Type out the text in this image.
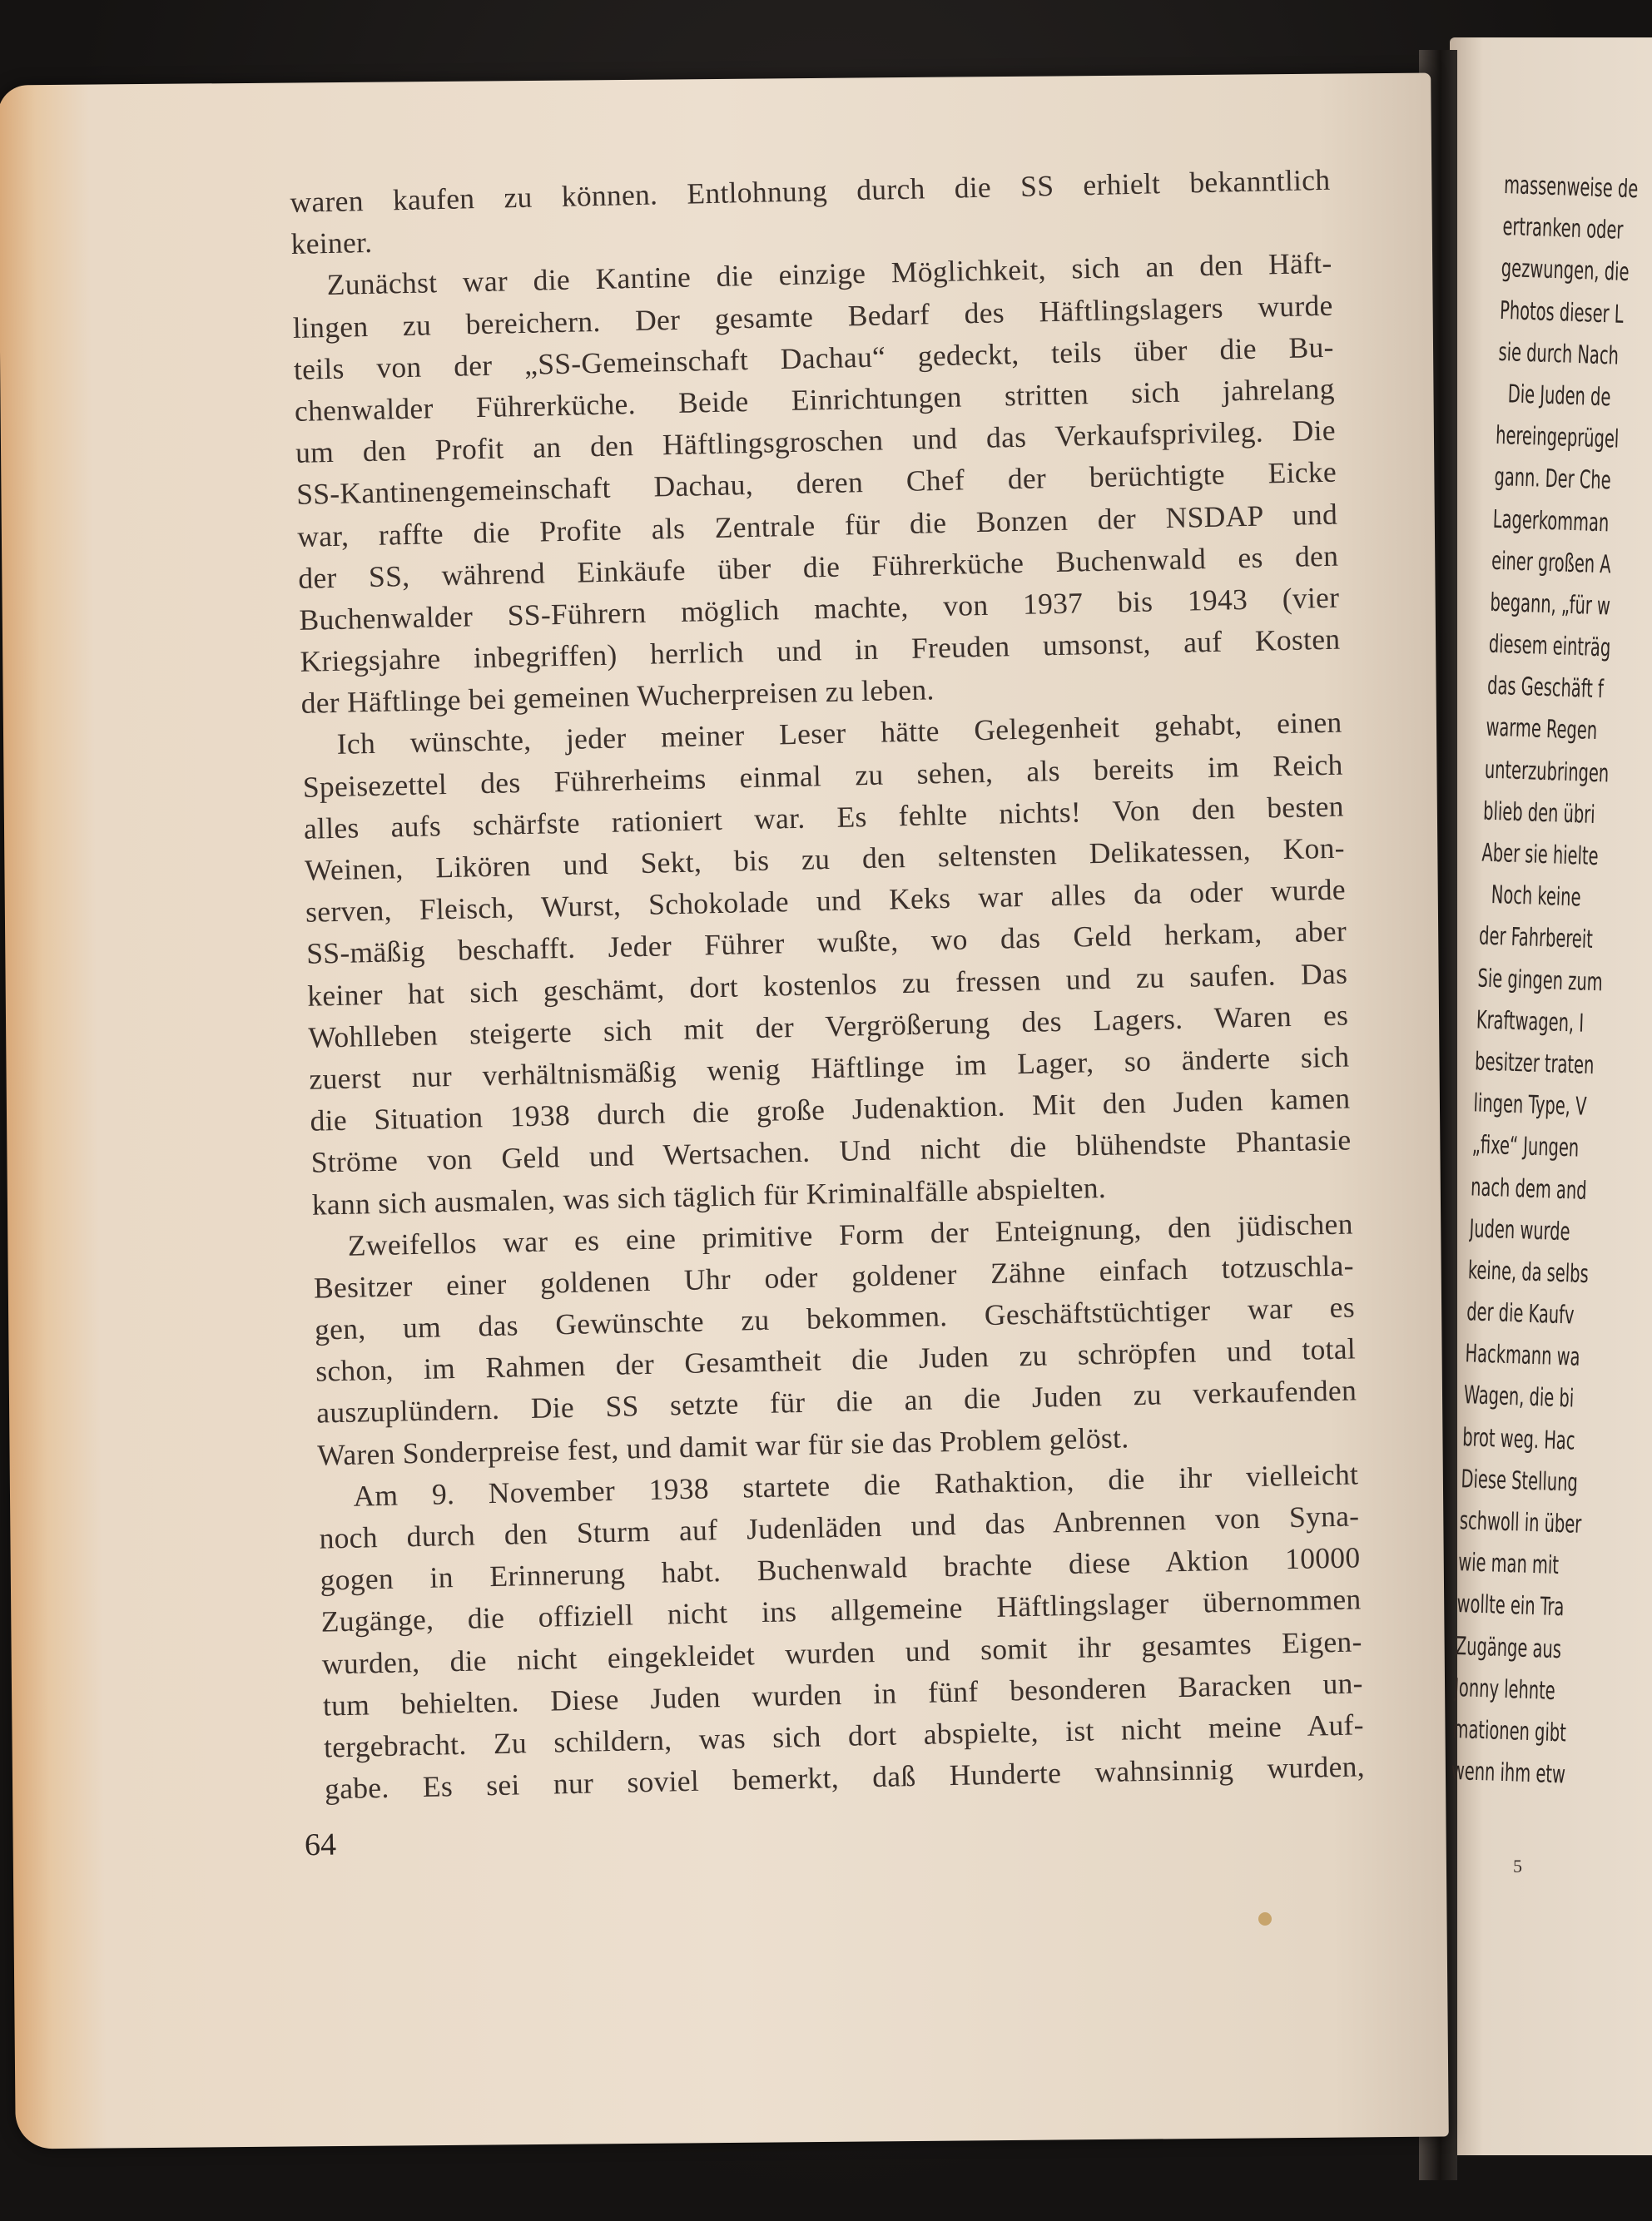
waren kaufen zu können. Entlohnung durch die SS erhielt bekanntlich
keiner.
Zunächst war die Kantine die einzige Möglichkeit, sich an den Häft-
lingen zu bereichern. Der gesamte Bedarf des Häftlingslagers wurde
teils von der „SS-Gemeinschaft Dachau“ gedeckt, teils über die Bu-
chenwalder Führerküche. Beide Einrichtungen stritten sich jahrelang
um den Profit an den Häftlingsgroschen und das Verkaufsprivileg. Die
SS-Kantinengemeinschaft Dachau, deren Chef der berüchtigte Eicke
war, raffte die Profite als Zentrale für die Bonzen der NSDAP und
der SS, während Einkäufe über die Führerküche Buchenwald es den
Buchenwalder SS-Führern möglich machte, von 1937 bis 1943 (vier
Kriegsjahre inbegriffen) herrlich und in Freuden umsonst, auf Kosten
der Häftlinge bei gemeinen Wucherpreisen zu leben.
Ich wünschte, jeder meiner Leser hätte Gelegenheit gehabt, einen
Speisezettel des Führerheims einmal zu sehen, als bereits im Reich
alles aufs schärfste rationiert war. Es fehlte nichts! Von den besten
Weinen, Likören und Sekt, bis zu den seltensten Delikatessen, Kon-
serven, Fleisch, Wurst, Schokolade und Keks war alles da oder wurde
SS-mäßig beschafft. Jeder Führer wußte, wo das Geld herkam, aber
keiner hat sich geschämt, dort kostenlos zu fressen und zu saufen. Das
Wohlleben steigerte sich mit der Vergrößerung des Lagers. Waren es
zuerst nur verhältnismäßig wenig Häftlinge im Lager, so änderte sich
die Situation 1938 durch die große Judenaktion. Mit den Juden kamen
Ströme von Geld und Wertsachen. Und nicht die blühendste Phantasie
kann sich ausmalen, was sich täglich für Kriminalfälle abspielten.
Zweifellos war es eine primitive Form der Enteignung, den jüdischen
Besitzer einer goldenen Uhr oder goldener Zähne einfach totzuschla-
gen, um das Gewünschte zu bekommen. Geschäftstüchtiger war es
schon, im Rahmen der Gesamtheit die Juden zu schröpfen und total
auszuplündern. Die SS setzte für die an die Juden zu verkaufenden
Waren Sonderpreise fest, und damit war für sie das Problem gelöst.
Am 9. November 1938 startete die Rathaktion, die ihr vielleicht
noch durch den Sturm auf Judenläden und das Anbrennen von Syna-
gogen in Erinnerung habt. Buchenwald brachte diese Aktion 10000
Zugänge, die offiziell nicht ins allgemeine Häftlingslager übernommen
wurden, die nicht eingekleidet wurden und somit ihr gesamtes Eigen-
tum behielten. Diese Juden wurden in fünf besonderen Baracken un-
tergebracht. Zu schildern, was sich dort abspielte, ist nicht meine Auf-
gabe. Es sei nur soviel bemerkt, daß Hunderte wahnsinnig wurden,
64
massenweise de
ertranken oder
gezwungen, die
Photos dieser L
sie durch Nach
Die Juden de
hereingeprügel
gann. Der Che
Lagerkomman
einer großen A
begann, „für w
diesem einträg
das Geschäft f
warme Regen
unterzubringen
blieb den übri
Aber sie hielte
Noch keine
der Fahrbereit
Sie gingen zum
Kraftwagen, I
besitzer traten
lingen Type, V
„fixe“ Jungen
nach dem and
Juden wurde
keine, da selbs
der die Kaufv
Hackmann wa
Wagen, die bi
brot weg. Hac
Diese Stellung
schwoll in über
wie man mit
wollte ein Tra
Zugänge aus
Jonny lehnte
mationen gibt
wenn ihm etw
5
